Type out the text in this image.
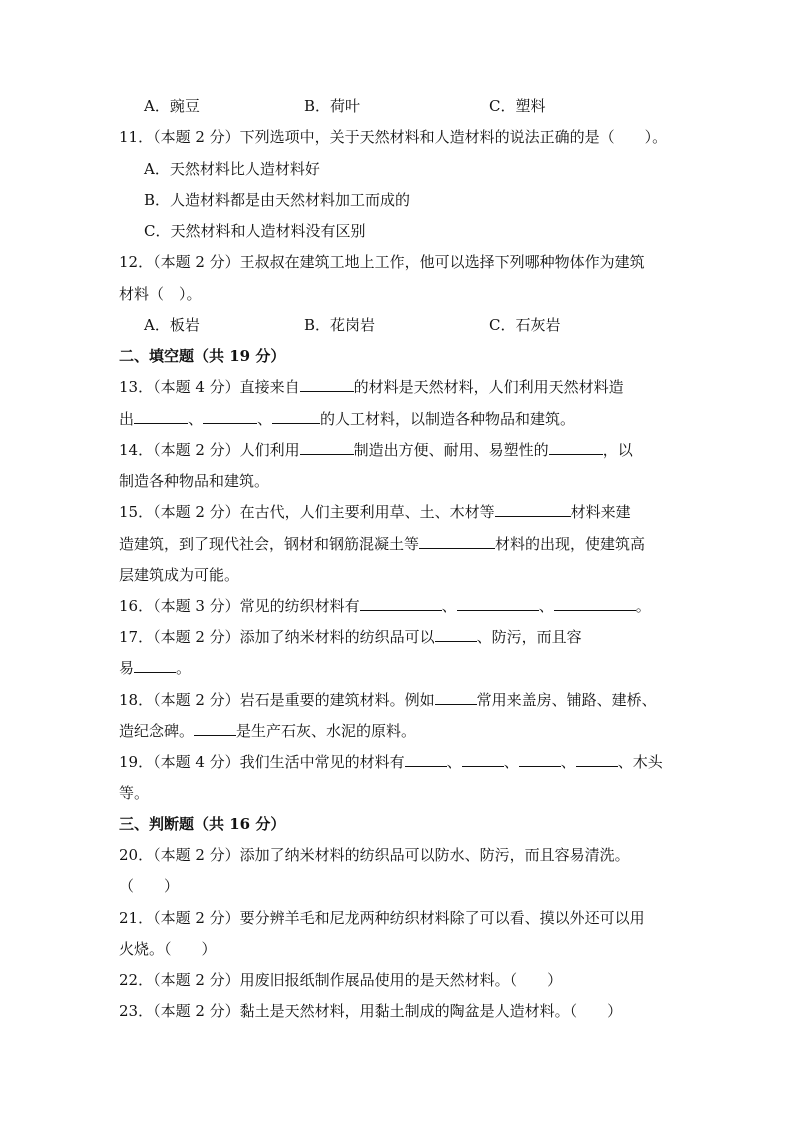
A．豌豆	B．荷叶	C．塑料
11．（本题 2 分）下列选项中，关于天然材料和人造材料的说法正确的是（　　）。
A．天然材料比人造材料好
B．人造材料都是由天然材料加工而成的
C．天然材料和人造材料没有区别
12．（本题 2 分）王叔叔在建筑工地上工作，他可以选择下列哪种物体作为建筑
材料（　）。
A．板岩	B．花岗岩	C．石灰岩
二、填空题（共 19 分）
13．（本题 4 分）直接来自	的材料是天然材料，人们利用天然材料造
出	、	、	的人工材料，以制造各种物品和建筑。
14．（本题 2 分）人们利用	制造出方便、耐用、易塑性的	，以
制造各种物品和建筑。
15．（本题 2 分）在古代，人们主要利用草、土、木材等	材料来建
造建筑，到了现代社会，钢材和钢筋混凝土等	材料的出现，使建筑高
层建筑成为可能。
16．（本题 3 分）常见的纺织材料有	、	、	。
17．（本题 2 分）添加了纳米材料的纺织品可以	、防污，而且容
易	。
18．（本题 2 分）岩石是重要的建筑材料。例如	常用来盖房、铺路、建桥、
造纪念碑。	是生产石灰、水泥的原料。
19．（本题 4 分）我们生活中常见的材料有	、	、	、	、木头
等。
三、判断题（共 16 分）
20．（本题 2 分）添加了纳米材料的纺织品可以防水、防污，而且容易清洗。
（　　）
21．（本题 2 分）要分辨羊毛和尼龙两种纺织材料除了可以看、摸以外还可以用
火烧。（　　）
22．（本题 2 分）用废旧报纸制作展品使用的是天然材料。（　　）
23．（本题 2 分）黏土是天然材料，用黏土制成的陶盆是人造材料。（　　）
